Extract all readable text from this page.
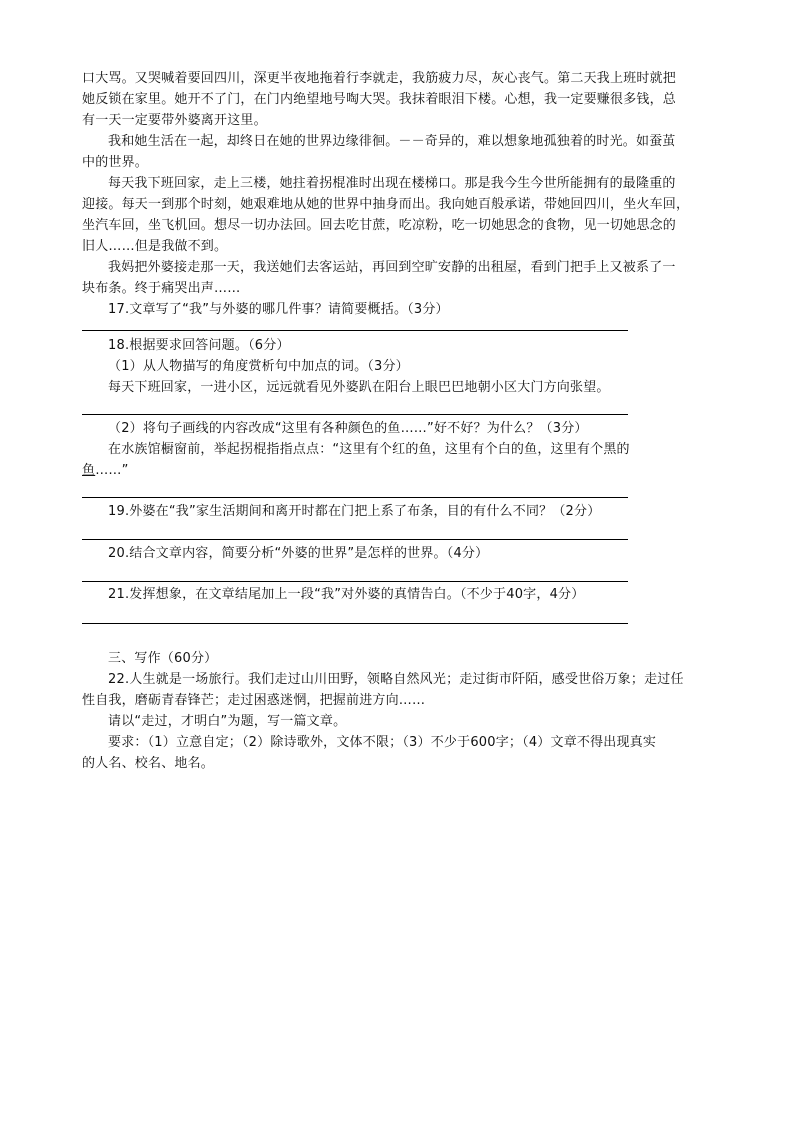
口大骂。又哭喊着要回四川，深更半夜地拖着行李就走，我筋疲力尽，灰心丧气。第二天我上班时就把
她反锁在家里。她开不了门，在门内绝望地号啕大哭。我抹着眼泪下楼。心想，我一定要赚很多钱，总
有一天一定要带外婆离开这里。
我和她生活在一起，却终日在她的世界边缘徘徊。－－奇异的，难以想象地孤独着的时光。如蚕茧
中的世界。
每天我下班回家，走上三楼，她拄着拐棍准时出现在楼梯口。那是我今生今世所能拥有的最隆重的
迎接。每天一到那个时刻，她艰难地从她的世界中抽身而出。我向她百般承诺，带她回四川，坐火车回，
坐汽车回，坐飞机回。想尽一切办法回。回去吃甘蔗，吃凉粉，吃一切她思念的食物，见一切她思念的
旧人……但是我做不到。
我妈把外婆接走那一天，我送她们去客运站，再回到空旷安静的出租屋，看到门把手上又被系了一
块布条。终于痛哭出声……
17.文章写了“我”与外婆的哪几件事？请简要概括。（3分）
18.根据要求回答问题。（6分）
（1）从人物描写的角度赏析句中加点的词。（3分）
每天下班回家，一进小区，远远就看见外婆趴在阳台上眼巴巴地朝小区大门方向张望。
（2）将句子画线的内容改成“这里有各种颜色的鱼……”好不好？为什么？（3分）
在水族馆橱窗前，举起拐棍指指点点：“这里有个红的鱼，这里有个白的鱼，这里有个黑的
鱼……”
19.外婆在“我”家生活期间和离开时都在门把上系了布条，目的有什么不同？（2分）
20.结合文章内容，简要分析“外婆的世界”是怎样的世界。（4分）
21.发挥想象，在文章结尾加上一段“我”对外婆的真情告白。（不少于40字，4分）
三、写作（60分）
22.人生就是一场旅行。我们走过山川田野，领略自然风光；走过街市阡陌，感受世俗万象；走过任
性自我，磨砺青春锋芒；走过困惑迷惘，把握前进方向……
请以“走过，才明白”为题，写一篇文章。
要求：（1）立意自定；（2）除诗歌外，文体不限；（3）不少于600字；（4）文章不得出现真实
的人名、校名、地名。
